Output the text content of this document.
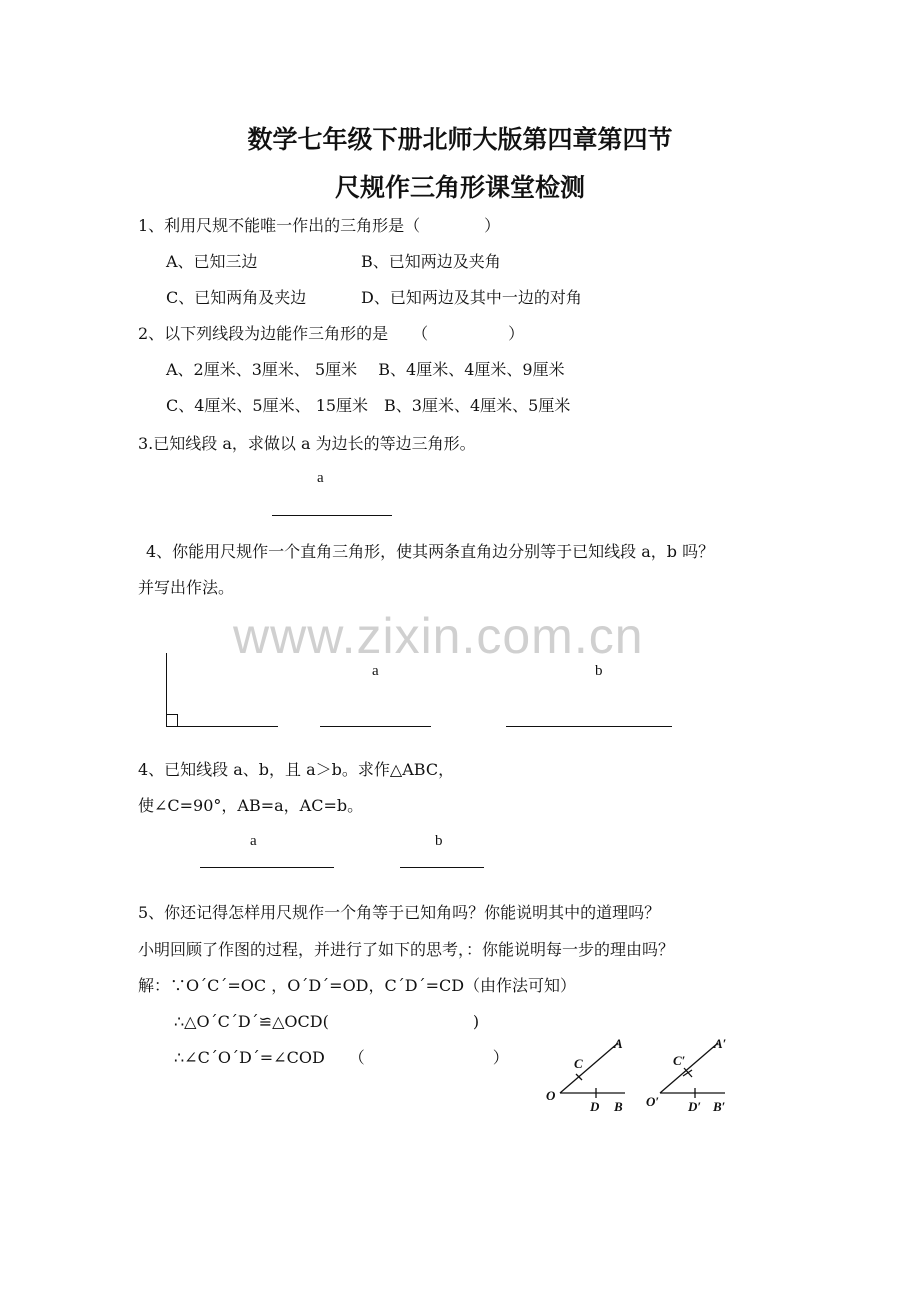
数学七年级下册北师大版第四章第四节
尺规作三角形课堂检测
1、利用尺规不能唯一作出的三角形是（　　　　）
A、已知三边	B、已知两边及夹角
C、已知两角及夹边	D、已知两边及其中一边的对角
2、以下列线段为边能作三角形的是　　（　　　　　）
A、2厘米、3厘米、 5厘米　 B、4厘米、4厘米、9厘米
C、4厘米、5厘米、 15厘米　B、3厘米、4厘米、5厘米
3.已知线段 a，求做以 a 为边长的等边三角形。
a
4、你能用尺规作一个直角三角形，使其两条直角边分别等于已知线段 a，b 吗？
并写出作法。
www.zixin.com.cn
a	b
4、已知线段 a、b，且 a＞b。求作△ABC，
使∠C=90°，AB=a，AC=b。
a	b
5、你还记得怎样用尺规作一个角等于已知角吗？你能说明其中的道理吗？
小明回顾了作图的过程，并进行了如下的思考，：你能说明每一步的理由吗？
解：∵O´C´=OC ，O´D´=OD，C´D´=CD（由作法可知）
∴△O´C´D´≌△OCD(　　　　　　　　　)
∴∠C´O´D´=∠COD　　（　　　　　　　　）
O
A
B
C
D	O′
A′
B′
C′
D′
